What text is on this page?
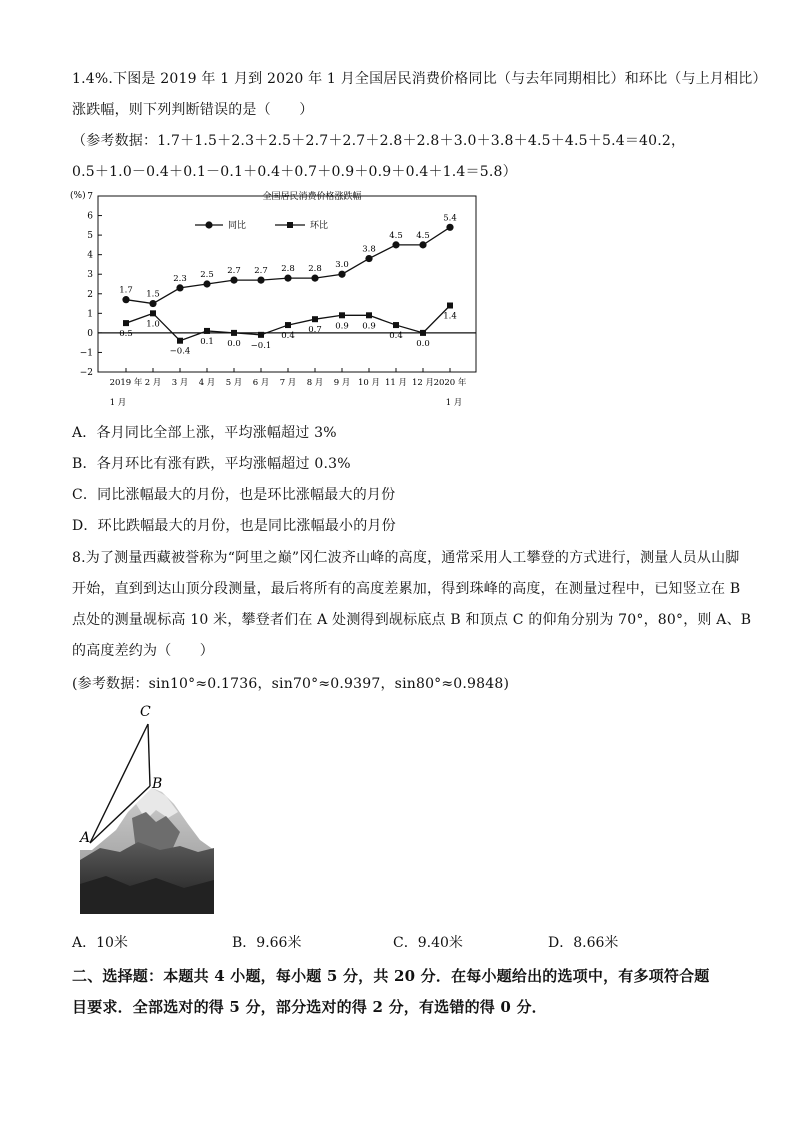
1.4%.下图是 2019 年 1 月到 2020 年 1 月全国居民消费价格同比（与去年同期相比）和环比（与上月相比）
涨跌幅，则下列判断错误的是（　　）
（参考数据：1.7＋1.5＋2.3＋2.5＋2.7＋2.7＋2.8＋2.8＋3.0＋3.8＋4.5＋4.5＋5.4＝40.2，
0.5＋1.0－0.4＋0.1－0.1＋0.4＋0.7＋0.9＋0.9＋0.4＋1.4＝5.8）
(%)	全国居民消费价格涨跌幅
7
6
5
4
3
2
1
0
−1
−2
2019 年 2 月 3 月 4 月 5 月 6 月 7 月 8 月 9 月 10 月 11 月 12 月 2020 年
1 月	1 月
1.7 1.5
2.3 2.5 2.7 2.7 2.8 2.8 3.0
3.8
4.5 4.5
5.4
0.5
1.0
−0.4
0.1 0.0 −0.1
0.4
0.7 0.9 0.9
0.4
0.0
1.4
同比	环比
A．各月同比全部上涨，平均涨幅超过 3%
B．各月环比有涨有跌，平均涨幅超过 0.3%
C．同比涨幅最大的月份，也是环比涨幅最大的月份
D．环比跌幅最大的月份，也是同比涨幅最小的月份
8.为了测量西藏被誉称为“阿里之巅”冈仁波齐山峰的高度，通常采用人工攀登的方式进行，测量人员从山脚
开始，直到到达山顶分段测量，最后将所有的高度差累加，得到珠峰的高度，在测量过程中，已知竖立在 B
点处的测量觇标高 10 米，攀登者们在 A 处测得到觇标底点 B 和顶点 C 的仰角分别为 70°，80°，则 A、B
的高度差约为（　　）
(参考数据：sin10°≈0.1736，sin70°≈0.9397，sin80°≈0.9848)
C
B
A
A．10米	B．9.66米	C．9.40米	D．8.66米
二、选择题：本题共 4 小题，每小题 5 分，共 20 分．在每小题给出的选项中，有多项符合题
目要求．全部选对的得 5 分，部分选对的得 2 分，有选错的得 0 分．
